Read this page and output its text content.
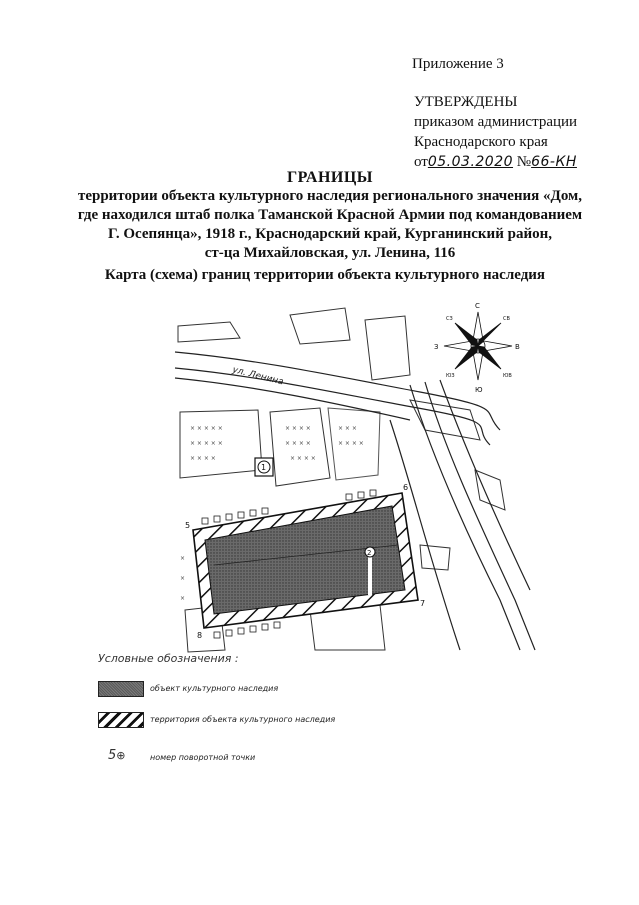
Приложение 3
УТВЕРЖДЕНЫ
приказом администрации
Краснодарского края
от05.03.2020 №66-КН
ГРАНИЦЫ
территории объекта культурного наследия регионального значения «Дом,
где находился штаб полка Таманской Красной Армии под командованием
Г. Осепянца», 1918 г., Краснодарский край, Курганинский район,
ст-ца Михайловская, ул. Ленина, 116
Карта (схема) границ территории объекта культурного наследия
ул. Ленина
× × × × ×
× × × × ×
× × × ×
× × × ×
× × × ×
× × × ×
× × ×
× × × ×
×
×
×
1
2
5
6
7
8
С
Ю
З	В
СЗ	СВ
ЮЗ	ЮВ
Условные обозначения :
объект культурного наследия
территория объекта культурного наследия
5⊕	номер поворотной точки
